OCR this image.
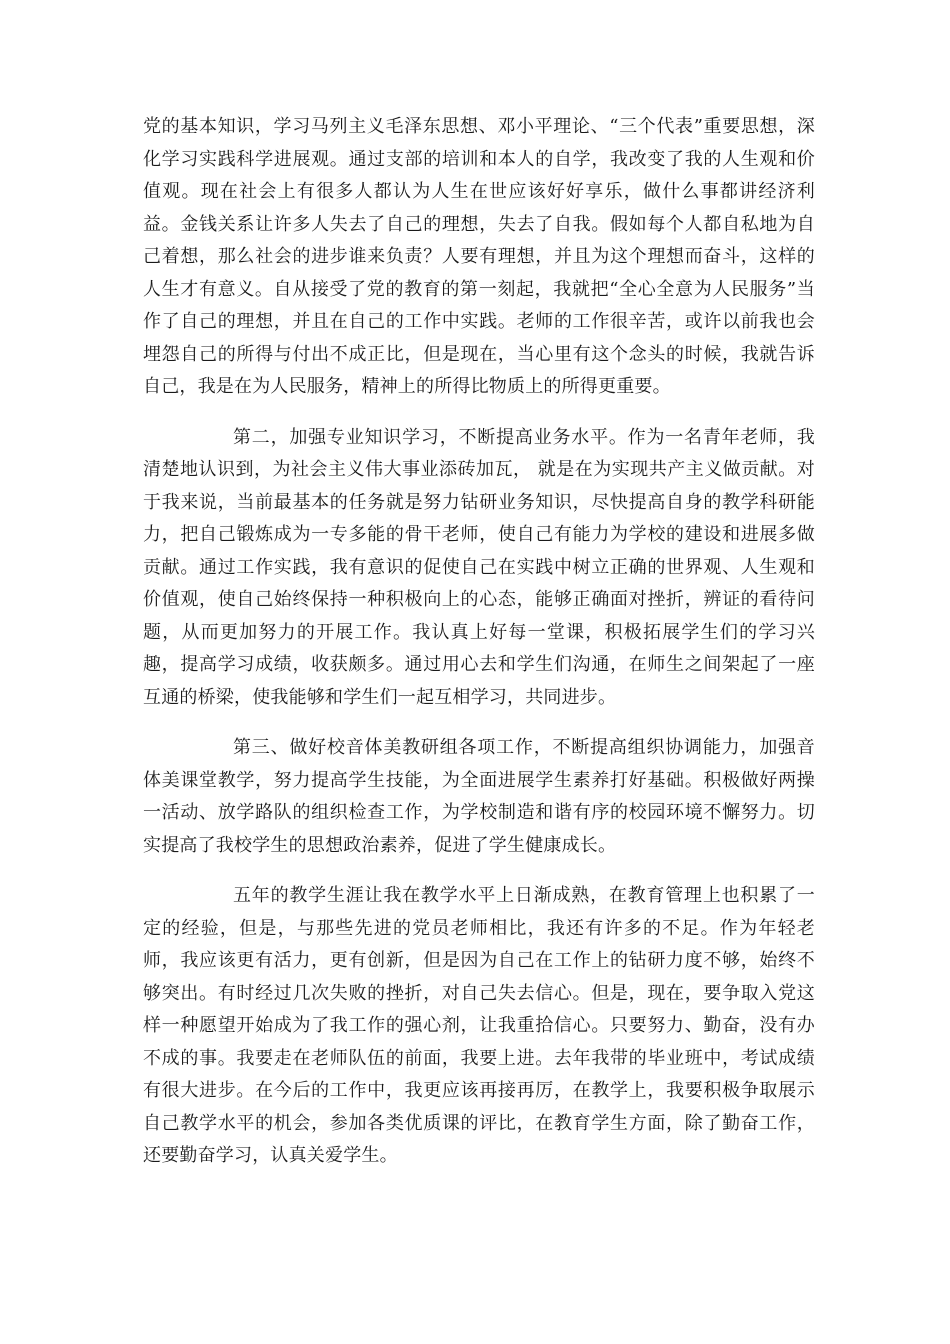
党的基本知识，学习马列主义毛泽东思想、邓小平理论、“三个代表”重要思想，深化学习实践科学进展观。通过支部的培训和本人的自学，我改变了我的人生观和价值观。现在社会上有很多人都认为人生在世应该好好享乐，做什么事都讲经济利益。金钱关系让许多人失去了自己的理想，失去了自我。假如每个人都自私地为自己着想，那么社会的进步谁来负责？人要有理想，并且为这个理想而奋斗，这样的人生才有意义。自从接受了党的教育的第一刻起，我就把“全心全意为人民服务”当作了自己的理想，并且在自己的工作中实践。老师的工作很辛苦，或许以前我也会埋怨自己的所得与付出不成正比，但是现在，当心里有这个念头的时候，我就告诉自己，我是在为人民服务，精神上的所得比物质上的所得更重要。

第二，加强专业知识学习，不断提高业务水平。作为一名青年老师，我清楚地认识到，为社会主义伟大事业添砖加瓦， 就是在为实现共产主义做贡献。对于我来说，当前最基本的任务就是努力钻研业务知识，尽快提高自身的教学科研能力，把自己锻炼成为一专多能的骨干老师，使自己有能力为学校的建设和进展多做贡献。通过工作实践，我有意识的促使自己在实践中树立正确的世界观、人生观和价值观，使自己始终保持一种积极向上的心态，能够正确面对挫折，辨证的看待问题，从而更加努力的开展工作。我认真上好每一堂课，积极拓展学生们的学习兴趣，提高学习成绩，收获颇多。通过用心去和学生们沟通，在师生之间架起了一座互通的桥梁，使我能够和学生们一起互相学习，共同进步。

第三、做好校音体美教研组各项工作，不断提高组织协调能力，加强音体美课堂教学，努力提高学生技能，为全面进展学生素养打好基础。积极做好两操一活动、放学路队的组织检查工作，为学校制造和谐有序的校园环境不懈努力。切实提高了我校学生的思想政治素养，促进了学生健康成长。

五年的教学生涯让我在教学水平上日渐成熟，在教育管理上也积累了一定的经验，但是，与那些先进的党员老师相比，我还有许多的不足。作为年轻老师，我应该更有活力，更有创新，但是因为自己在工作上的钻研力度不够，始终不够突出。有时经过几次失败的挫折，对自己失去信心。但是，现在，要争取入党这样一种愿望开始成为了我工作的强心剂，让我重拾信心。只要努力、勤奋，没有办不成的事。我要走在老师队伍的前面，我要上进。去年我带的毕业班中，考试成绩有很大进步。在今后的工作中，我更应该再接再厉，在教学上，我要积极争取展示自己教学水平的机会，参加各类优质课的评比，在教育学生方面，除了勤奋工作，还要勤奋学习，认真关爱学生。
